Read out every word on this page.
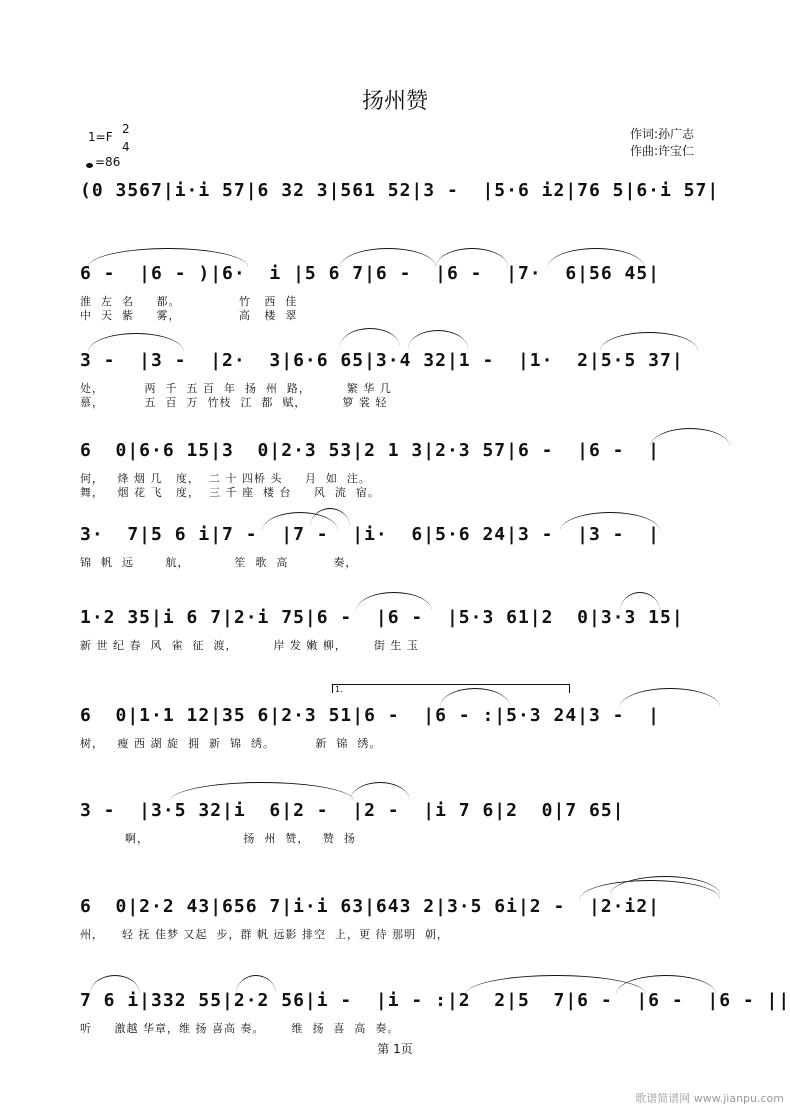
扬州赞
1=F
2
4
=86
作词:孙广志
作曲:许宝仁
(0 3567|i·i 57|6 32 3|561 52|3 -  |5·6 i2|76 5|6·i 57|
6 -  |6 - )|6·  i |5 6 7|6 -  |6 -  |7·  6|56 45|
淮  左  名     都。             竹   西  佳
中  天  紫     雾，             高   楼  翠
3 -  |3 -  |2·  3|6·6 65|3·4 32|1 -  |1·  2|5·5 37|
处，         两  千  五 百  年  扬  州  路，        繁 华 几
慕，         五  百  万  竹枝  江  都  赋，        箩 裳 轻
6  0|6·6 15|3  0|2·3 53|2 1 3|2·3 57|6 -  |6 -  |
何，   烽 烟 几   度，  二 十 四桥 头     月  如  注。
舞，   烟 花 飞   度，  三 千 座  楼 台     风  流  宿。
3·  7|5 6 i|7 -  |7 -  |i·  6|5·6 24|3 -  |3 -  |
锦  帆  远       航，          笙  歌  高          奏，
1·2 35|i 6 7|2·i 75|6 -  |6 -  |5·3 61|2  0|3·3 15|
新 世 纪 春  风  雀  征  渡，        岸 发 嫩 柳，      街 生 玉
6  0|1·1 12|35 6|2·3 51|6 -  |6 - :|5·3 24|3 -  |
树，   瘦 西 湖 旋  拥  新  锦  绣。         新  锦  绣。
3 -  |3·5 32|i  6|2 -  |2 -  |i 7 6|2  0|7 65|
啊，                     扬  州  赞，   赞  扬
6  0|2·2 43|656 7|i·i 63|643 2|3·5 6i|2 -  |2·i2|
州，    轻 抚 佳梦 又起  步，群 帆 远影 排空  上，更 待 那明  朝，
7 6 i|332 55|2·2 56|i -  |i - :|2  2|5  7|6 -  |6 -  |6 - ||
听     激越 华章，维 扬 喜高 奏。      维  扬  喜  高  奏。
1.
第 1页
歌谱简谱网 www.jianpu.com
